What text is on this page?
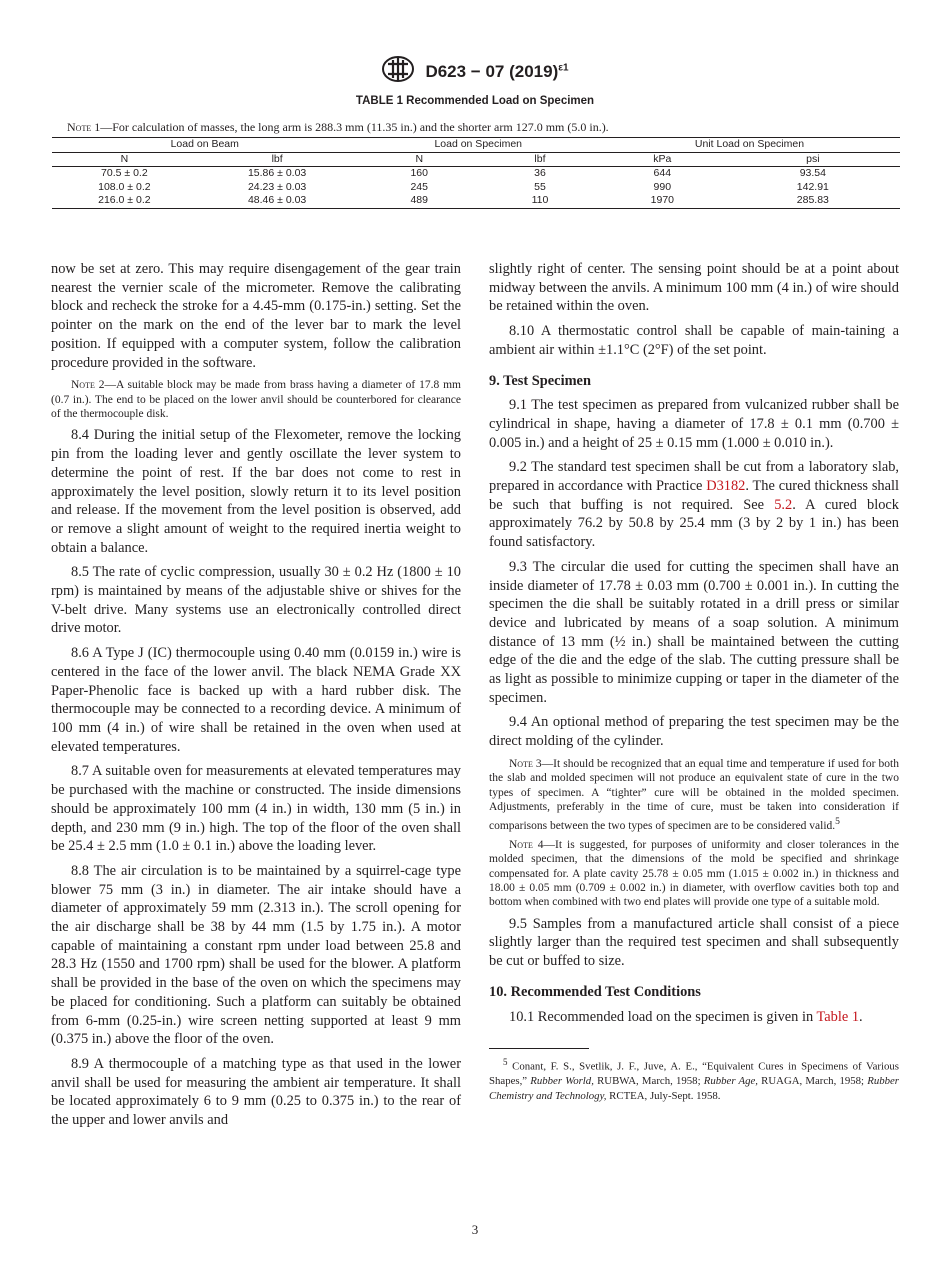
D623 − 07 $(2019)^{\varepsilon 1}$
TABLE 1 Recommended Load on Specimen
Note 1—For calculation of masses, the long arm is 288.3 mm (11.35 in.) and the shorter arm 127.0 mm (5.0 in.).
Load on Beam		Load on Specimen		Unit Load on Specimen	
N	lbf	N	lbf	kPa	psi
70.5 ± 0.2	15.86 ± 0.03	160	36	644	93.54
108.0 ± 0.2	24.23 ± 0.03	245	55	990	142.91
216.0 ± 0.2	48.46 ± 0.03	489	110	1970	285.83

now be set at zero. This may require disengagement of the gear train nearest the vernier scale of the micrometer. Remove the calibrating block and recheck the stroke for a 4.45-mm (0.175-in.) setting. Set the pointer on the mark on the end of the lever bar to mark the level position. If equipped with a computer system, follow the calibration procedure provided in the software.

Note 2—A suitable block may be made from brass having a diameter of 17.8 mm (0.7 in.). The end to be placed on the lower anvil should be counterbored for clearance of the thermocouple disk.

8.4 During the initial setup of the Flexometer, remove the locking pin from the loading lever and gently oscillate the lever system to determine the point of rest. If the bar does not come to rest in approximately the level position, slowly return it to its level position and release. If the movement from the level position is observed, add or remove a slight amount of weight to the required inertia weight to obtain a balance.

8.5 The rate of cyclic compression, usually 30 ± 0.2 Hz (1800 ± 10 rpm) is maintained by means of the adjustable shive or shives for the V-belt drive. Many systems use an electronically controlled direct drive motor.

8.6 A Type J (IC) thermocouple using 0.40 mm (0.0159 in.) wire is centered in the face of the lower anvil. The black NEMA Grade XX Paper-Phenolic face is backed up with a hard rubber disk. The thermocouple may be connected to a recording device. A minimum of 100 mm (4 in.) of wire shall be retained in the oven when used at elevated temperatures.

8.7 A suitable oven for measurements at elevated temperatures may be purchased with the machine or constructed. The inside dimensions should be approximately 100 mm (4 in.) in width, 130 mm (5 in.) in depth, and 230 mm (9 in.) high. The top of the floor of the oven shall be 25.4 ± 2.5 mm (1.0 ± 0.1 in.) above the loading lever.

8.8 The air circulation is to be maintained by a squirrel-cage type blower 75 mm (3 in.) in diameter. The air intake should have a diameter of approximately 59 mm (2.313 in.). The scroll opening for the air discharge shall be 38 by 44 mm (1.5 by 1.75 in.). A motor capable of maintaining a constant rpm under load between 25.8 and 28.3 Hz (1550 and 1700 rpm) shall be used for the blower. A platform shall be provided in the base of the oven on which the specimens may be placed for conditioning. Such a platform can suitably be obtained from 6-mm (0.25-in.) wire screen netting supported at least 9 mm (0.375 in.) above the floor of the oven.

8.9 A thermocouple of a matching type as that used in the lower anvil shall be used for measuring the ambient air temperature. It shall be located approximately 6 to 9 mm (0.25 to 0.375 in.) to the rear of the upper and lower anvils and

slightly right of center. The sensing point should be at a point about midway between the anvils. A minimum 100 mm (4 in.) of wire should be retained within the oven.

8.10 A thermostatic control shall be capable of main-taining a ambient air within ±1.1°C (2°F) of the set point.

9. Test Specimen

9.1 The test specimen as prepared from vulcanized rubber shall be cylindrical in shape, having a diameter of 17.8 ± 0.1 mm (0.700 ± 0.005 in.) and a height of 25 ± 0.15 mm (1.000 ± 0.010 in.).

9.2 The standard test specimen shall be cut from a laboratory slab, prepared in accordance with Practice D3182. The cured thickness shall be such that buffing is not required. See 5.2. A cured block approximately 76.2 by 50.8 by 25.4 mm (3 by 2 by 1 in.) has been found satisfactory.

9.3 The circular die used for cutting the specimen shall have an inside diameter of 17.78 ± 0.03 mm (0.700 ± 0.001 in.). In cutting the specimen the die shall be suitably rotated in a drill press or similar device and lubricated by means of a soap solution. A minimum distance of 13 mm (½ in.) shall be maintained between the cutting edge of the die and the edge of the slab. The cutting pressure shall be as light as possible to minimize cupping or taper in the diameter of the specimen.

9.4 An optional method of preparing the test specimen may be the direct molding of the cylinder.

Note 3—It should be recognized that an equal time and temperature if used for both the slab and molded specimen will not produce an equivalent state of cure in the two types of specimen. A “tighter” cure will be obtained in the molded specimen. Adjustments, preferably in the time of cure, must be taken into consideration if comparisons between the two types of specimen are to be considered valid.$^5$

Note 4—It is suggested, for purposes of uniformity and closer tolerances in the molded specimen, that the dimensions of the mold be specified and shrinkage compensated for. A plate cavity 25.78 ± 0.05 mm (1.015 ± 0.002 in.) in thickness and 18.00 ± 0.05 mm (0.709 ± 0.002 in.) in diameter, with overflow cavities both top and bottom when combined with two end plates will provide one type of a suitable mold.

9.5 Samples from a manufactured article shall consist of a piece slightly larger than the required test specimen and shall subsequently be cut or buffed to size.

10. Recommended Test Conditions

10.1 Recommended load on the specimen is given in Table 1.

$^5$ Conant, F. S., Svetlik, J. F., Juve, A. E., “Equivalent Cures in Specimens of Various Shapes,” Rubber World, RUBWA, March, 1958; Rubber Age, RUAGA, March, 1958; Rubber Chemistry and Technology, RCTEA, July-Sept. 1958.

3
